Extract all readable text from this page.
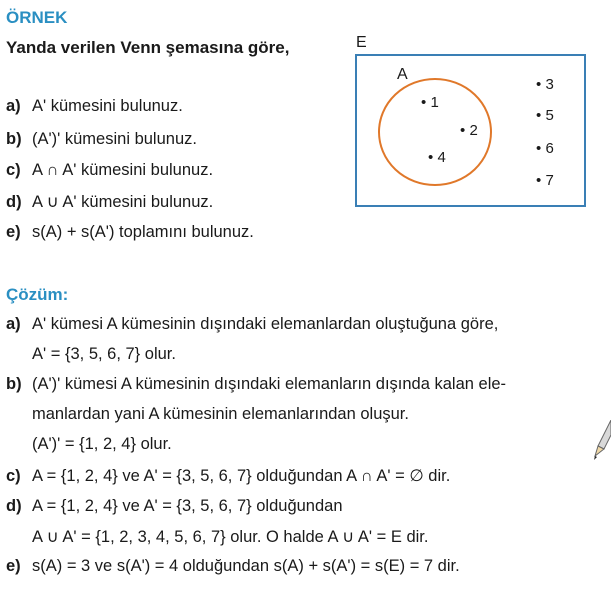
ÖRNEK
Yanda verilen Venn şemasına göre,
a) A' kümesini bulunuz.
b) (A')' kümesini bulunuz.
c) A ∩ A' kümesini bulunuz.
d) A ∪ A' kümesini bulunuz.
e) s(A) + s(A') toplamını bulunuz.
E
A
• 1
• 2
• 4
• 3
• 5
• 6
• 7
Çözüm:
a) A' kümesi A kümesinin dışındaki elemanlardan oluştuğuna göre,
A' = {3, 5, 6, 7} olur.
b) (A')' kümesi A kümesinin dışındaki elemanların dışında kalan ele-
manlardan yani A kümesinin elemanlarından oluşur.
(A')' = {1, 2, 4} olur.
c) A = {1, 2, 4} ve A' = {3, 5, 6, 7} olduğundan A ∩ A' = ∅ dir.
d) A = {1, 2, 4} ve A' = {3, 5, 6, 7} olduğundan
A ∪ A' = {1, 2, 3, 4, 5, 6, 7} olur. O halde A ∪ A' = E dir.
e) s(A) = 3 ve s(A') = 4 olduğundan s(A) + s(A') = s(E) = 7 dir.
